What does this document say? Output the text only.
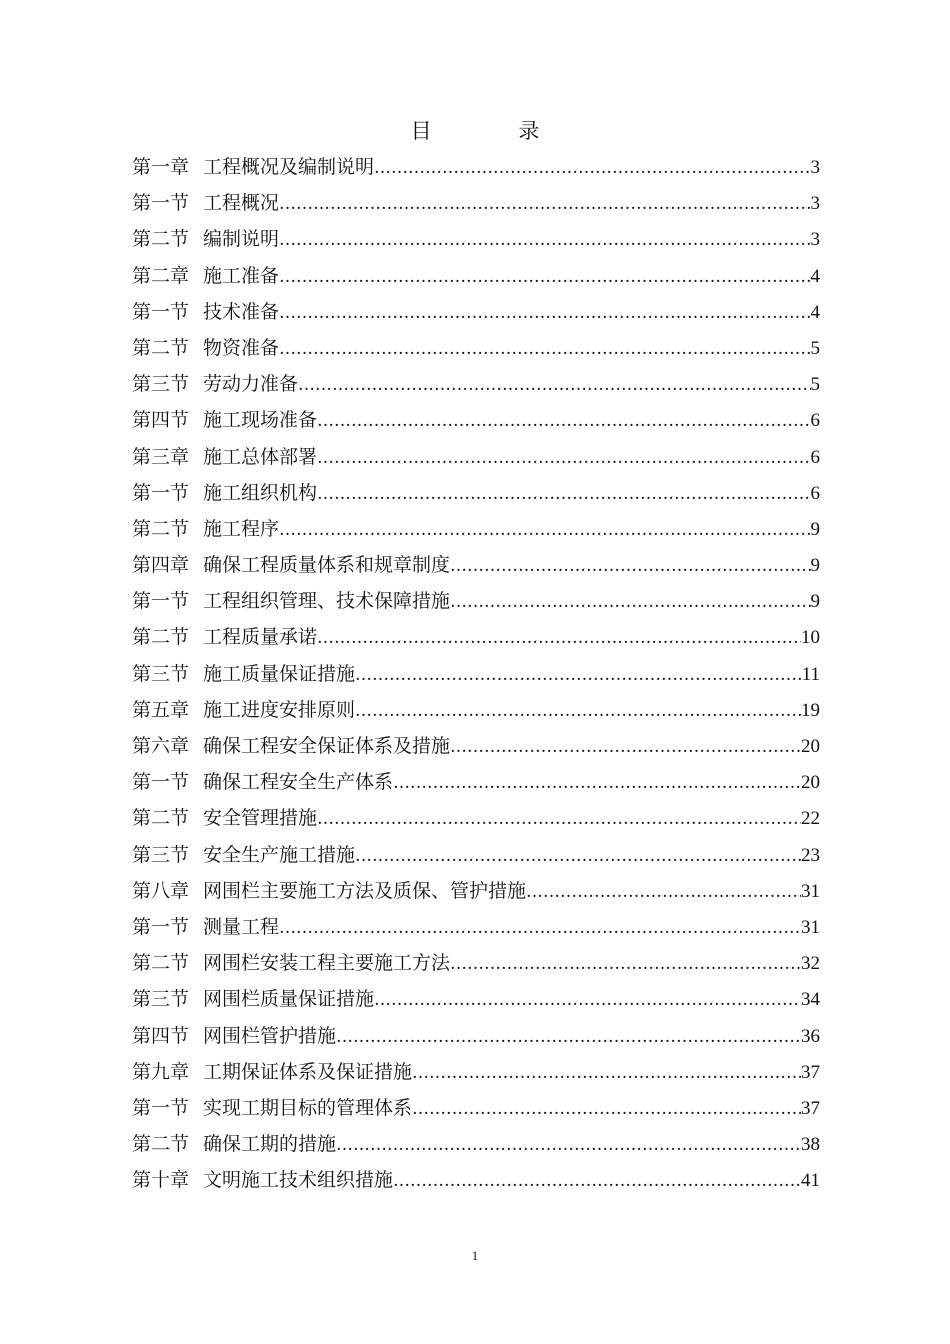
目 录
第一章 工程概况及编制说明 …………………………………………………………………………………………………………………………………………………………………………	3
第一节 工程概况 …………………………………………………………………………………………………………………………………………………………………………	3
第二节 编制说明 …………………………………………………………………………………………………………………………………………………………………………	3
第二章 施工准备 …………………………………………………………………………………………………………………………………………………………………………	4
第一节 技术准备 …………………………………………………………………………………………………………………………………………………………………………	4
第二节 物资准备 …………………………………………………………………………………………………………………………………………………………………………	5
第三节 劳动力准备 …………………………………………………………………………………………………………………………………………………………………………	5
第四节 施工现场准备 …………………………………………………………………………………………………………………………………………………………………………	6
第三章 施工总体部署 …………………………………………………………………………………………………………………………………………………………………………	6
第一节 施工组织机构 …………………………………………………………………………………………………………………………………………………………………………	6
第二节 施工程序 …………………………………………………………………………………………………………………………………………………………………………	9
第四章 确保工程质量体系和规章制度 …………………………………………………………………………………………………………………………………………………………………………	9
第一节 工程组织管理、技术保障措施 …………………………………………………………………………………………………………………………………………………………………………	9
第二节 工程质量承诺 …………………………………………………………………………………………………………………………………………………………………………	10
第三节 施工质量保证措施 …………………………………………………………………………………………………………………………………………………………………………	11
第五章 施工进度安排原则 …………………………………………………………………………………………………………………………………………………………………………	19
第六章 确保工程安全保证体系及措施 …………………………………………………………………………………………………………………………………………………………………………	20
第一节 确保工程安全生产体系 …………………………………………………………………………………………………………………………………………………………………………	20
第二节 安全管理措施 …………………………………………………………………………………………………………………………………………………………………………	22
第三节 安全生产施工措施 …………………………………………………………………………………………………………………………………………………………………………	23
第八章 网围栏主要施工方法及质保、管护措施 …………………………………………………………………………………………………………………………………………………………………………	31
第一节 测量工程 …………………………………………………………………………………………………………………………………………………………………………	31
第二节 网围栏安装工程主要施工方法 …………………………………………………………………………………………………………………………………………………………………………	32
第三节 网围栏质量保证措施 …………………………………………………………………………………………………………………………………………………………………………	34
第四节 网围栏管护措施 …………………………………………………………………………………………………………………………………………………………………………	36
第九章 工期保证体系及保证措施 …………………………………………………………………………………………………………………………………………………………………………	37
第一节 实现工期目标的管理体系 …………………………………………………………………………………………………………………………………………………………………………	37
第二节 确保工期的措施 …………………………………………………………………………………………………………………………………………………………………………	38
第十章 文明施工技术组织措施 …………………………………………………………………………………………………………………………………………………………………………	41
1
